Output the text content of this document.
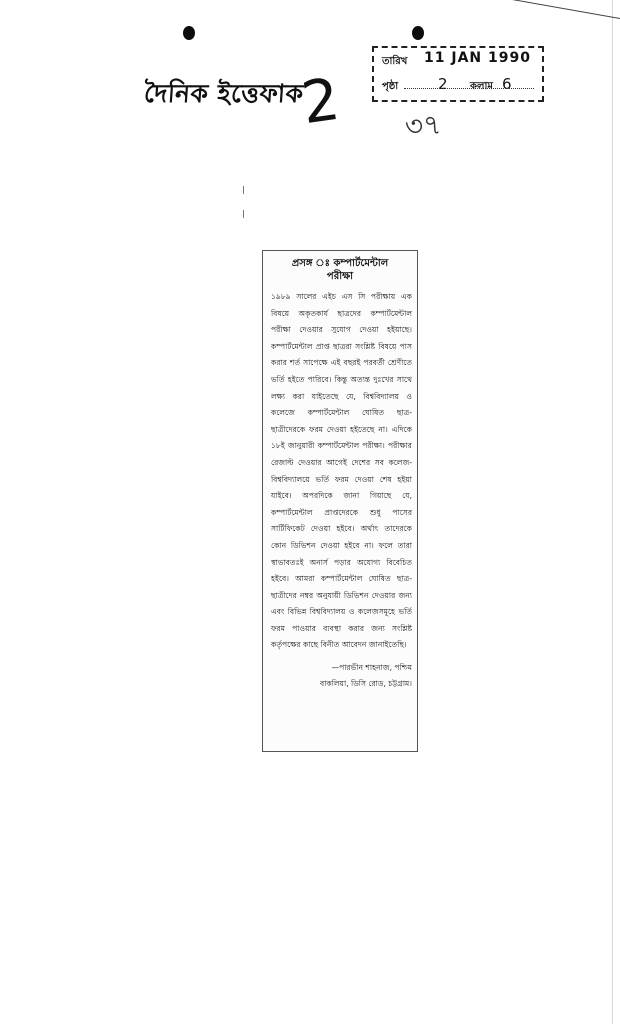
দৈনিক ইত্তেফাক
2 ৩৭
তারিখ 11 JAN 1990
পৃষ্ঠা	2 কলাম 6
প্রসঙ্গ ঃ কম্পার্টমেন্টাল
পরীক্ষা
১৯৮৯ সালের এইচ এস সি পরীক্ষায় এক বিষয়ে অকৃতকার্য ছাত্রদের কম্পার্টমেন্টাল পরীক্ষা দেওয়ার সুযোগ দেওয়া হইয়াছে। কম্পার্টমেন্টাল প্রাপ্ত ছাত্ররা সংশ্লিষ্ট বিষয়ে পাস করার শর্ত সাপেক্ষে এই বছরই পরবর্তী শ্রেণীতে ভর্তি হইতে পারিবে। কিন্তু অত্যন্ত দুঃখের সাথে লক্ষ্য করা যাইতেছে যে, বিশ্ববিদ্যালয় ও কলেজে কম্পার্টমেন্টাল ঘোষিত ছাত্র-ছাত্রীদেরকে ফরম দেওয়া হইতেছে না। এদিকে ১৮ই জানুয়ারী কম্পার্টমেন্টাল পরীক্ষা। পরীক্ষার রেজাল্ট দেওয়ার আগেই দেশের সব কলেজ-বিশ্ববিদ্যালয়ে ভর্তি ফরম দেওয়া শেষ হইয়া যাইবে। অপরদিকে জানা গিয়াছে যে, কম্পার্টমেন্টাল প্রাপ্তদেরকে শুধু পাসের সার্টিফিকেট দেওয়া হইবে। অর্থাৎ তাদেরকে কোন ডিভিশন দেওয়া হইবে না। ফলে তারা স্বাভাবতঃই অনার্স পড়ার অযোগ্য বিবেচিত হইবে। আমরা কম্পার্টমেন্টাল ঘোষিত ছাত্র-ছাত্রীদের নম্বর অনুযায়ী ডিভিশন দেওয়ার জন্য এবং বিভিন্ন বিশ্ববিদ্যালয় ও কলেজসমূহে ভর্তি ফরম পাওয়ার ব্যবস্থা করার জন্য সংশ্লিষ্ট কর্তৃপক্ষের কাছে বিনীত আবেদন জানাইতেছি।
—পারভীন শাহনাজ, পশ্চিম
বাকলিয়া, ডিসি রোড, চট্টগ্রাম।
